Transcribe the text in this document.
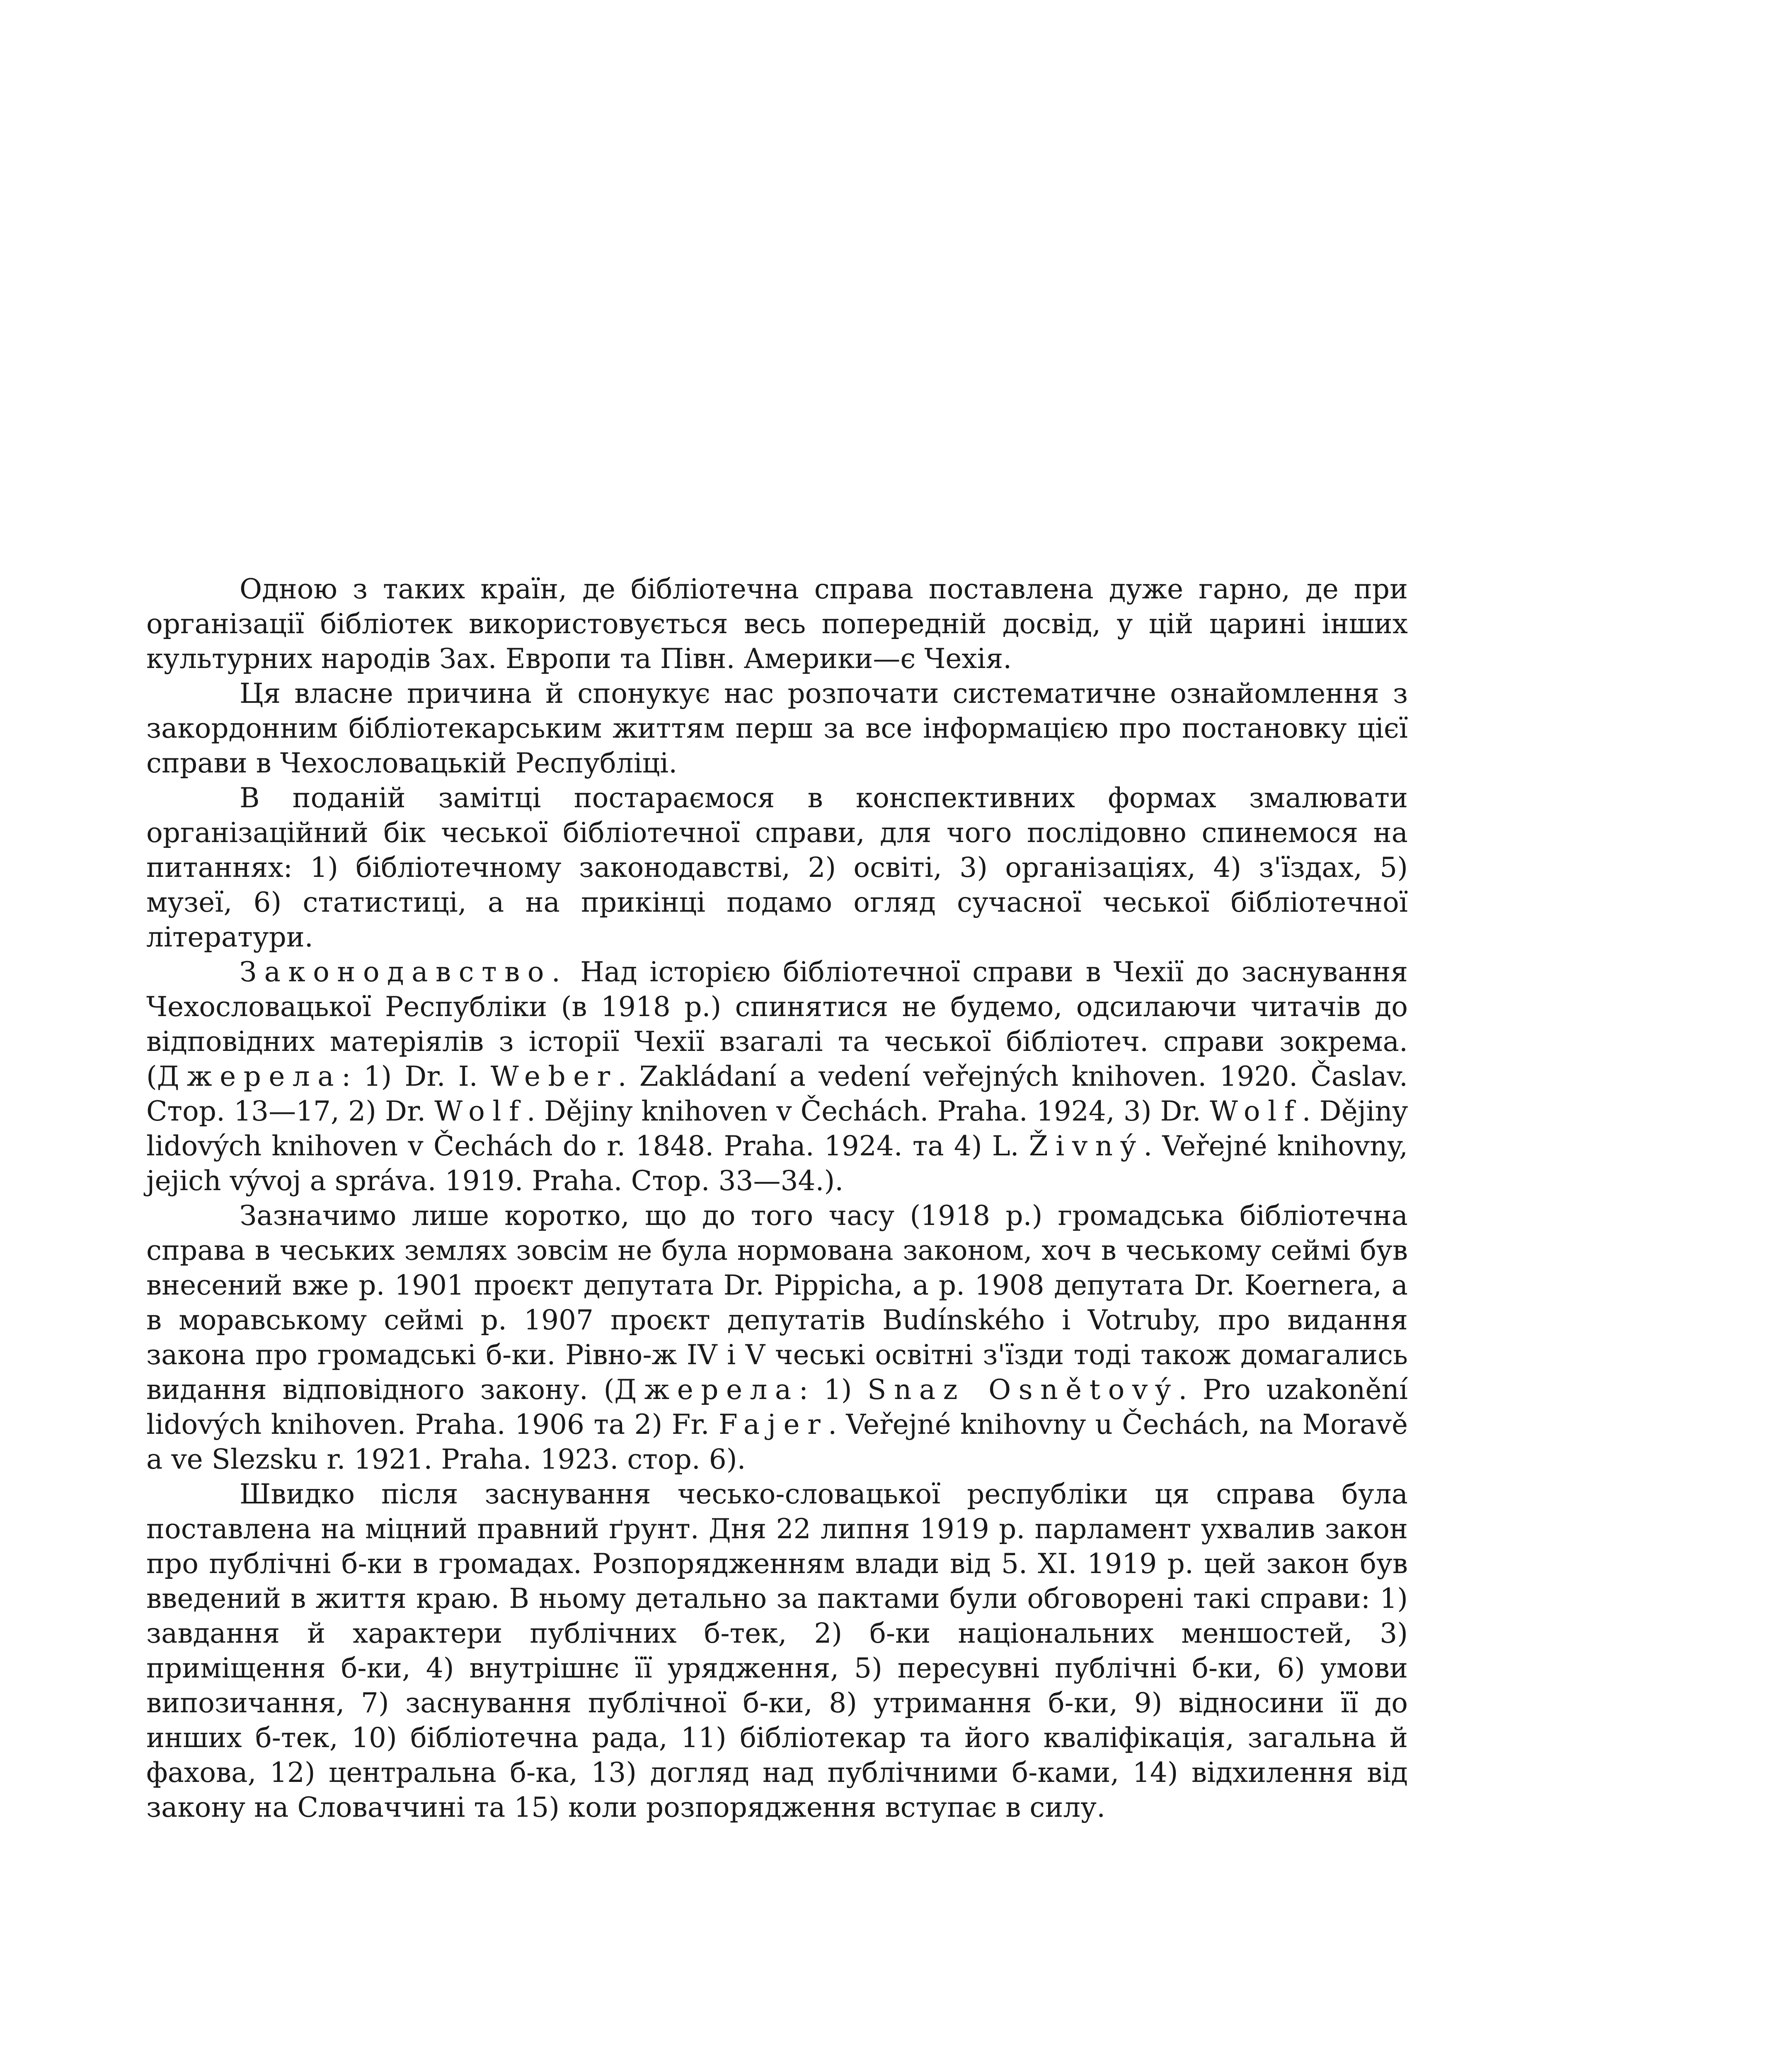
Одною з таких країн, де бібліотечна справа поставлена дуже гарно, де при організації бібліотек використовується весь попередній досвід, у цій царині інших культурних народів Зах. Европи та Півн. Америки—є Чехія.

Ця власне причина й спонукує нас розпочати систематичне ознайомлення з закордонним бібліотекарським життям перш за все інформацією про постановку цієї справи в Чехословацькій Республіці.

В поданій замітці постараємося в конспективних формах змалювати організаційний бік чеської бібліотечної справи, для чого послідовно спинемося на питаннях: 1) бібліотечному законодавстві, 2) освіті, 3) організаціях, 4) з'їздах, 5) музеї, 6) статистиці, а на прикінці подамо огляд сучасної чеської бібліотечної літератури.

Законодавство. Над історією бібліотечної справи в Чехії до заснування Чехословацької Республіки (в 1918 р.) спинятися не будемо, одсилаючи читачів до відповідних матеріялів з історії Чехії взагалі та чеської бібліотеч. справи зокрема. (Джерела: 1) Dr. I. Weber. Zakládaní a vedení veřejných knihoven. 1920. Časlav. Стор. 13—17, 2) Dr. Wolf. Dějiny knihoven v Čechách. Praha. 1924, 3) Dr. Wolf. Dějiny lidových knihoven v Čechách do r. 1848. Praha. 1924. та 4) L. Živný. Veřejné knihovny, jejich vývoj a správa. 1919. Praha. Стор. 33—34.).

Зазначимо лише коротко, що до того часу (1918 р.) громадська бібліотечна справа в чеських землях зовсім не була нормована законом, хоч в чеському сеймі був внесений вже р. 1901 проєкт депутата Dr. Pippicha, а р. 1908 депутата Dr. Koernera, а в моравському сеймі р. 1907 проєкт депутатів Budínského і Votruby, про видання закона про громадські б-ки. Рівно-ж IV і V чеські освітні з'їзди тоді також домагались видання відповідного закону. (Джерела: 1) Snaz Osnětový. Pro uzakonění lidových knihoven. Praha. 1906 та 2) Fr. Fajer. Veřejné knihovny u Čechách, na Moravě a ve Slezsku r. 1921. Praha. 1923. стор. 6).

Швидко після заснування чесько-словацької республіки ця справа була поставлена на міцний правний ґрунт. Дня 22 липня 1919 р. парламент ухвалив закон про публічні б-ки в громадах. Розпорядженням влади від 5. XI. 1919 р. цей закон був введений в життя краю. В ньому детально за пактами були обговорені такі справи: 1) завдання й характери публічних б-тек, 2) б-ки національних меншостей, 3) приміщення б-ки, 4) внутрішнє її урядження, 5) пересувні публічні б-ки, 6) умови випозичання, 7) заснування публічної б-ки, 8) утримання б-ки, 9) відносини її до инших б-тек, 10) бібліотечна рада, 11) бібліотекар та його кваліфікація, загальна й фахова, 12) центральна б-ка, 13) догляд над публічними б-ками, 14) відхилення від закону на Словаччині та 15) коли розпорядження вступає в силу.
